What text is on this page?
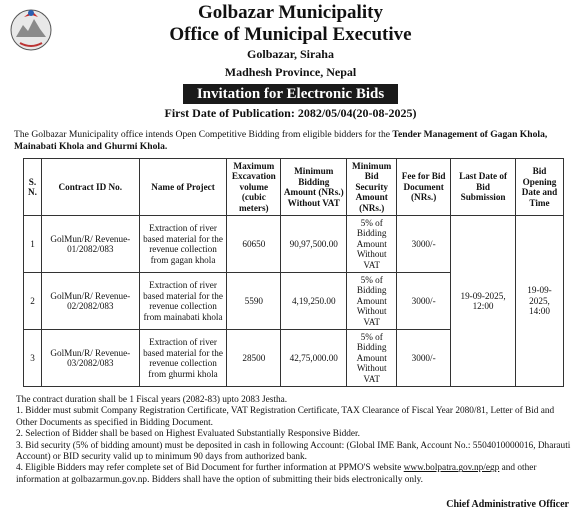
Golbazar Municipality
Office of Municipal Executive
Golbazar, Siraha
Madhesh Province, Nepal
Invitation for Electronic Bids
First Date of Publication: 2082/05/04(20-08-2025)
The Golbazar Municipality office intends Open Competitive Bidding from eligible bidders for the Tender Management of Gagan Khola, Mainabati Khola and Ghurmi Khola.
S. N.	Contract ID No.	Name of Project	Maximum Excavation volume (cubic meters)	Minimum Bidding Amount (NRs.) Without VAT	Minimum Bid Security Amount (NRs.)	Fee for Bid Document (NRs.)	Last Date of Bid Submission	Bid Opening Date and Time
1	GolMun/R/ Revenue-01/2082/083	Extraction of river based material for the revenue collection from gagan khola	60650	90,97,500.00	5% of Bidding Amount Without VAT	3000/-	19-09-2025, 12:00	19-09-2025, 14:00
2	GolMun/R/ Revenue-02/2082/083	Extraction of river based material for the revenue collection from mainabati khola	5590	4,19,250.00	5% of Bidding Amount Without VAT	3000/-		
3	GolMun/R/ Revenue-03/2082/083	Extraction of river based material for the revenue collection from ghurmi khola	28500	42,75,000.00	5% of Bidding Amount Without VAT	3000/-		

The contract duration shall be 1 Fiscal years (2082-83) upto 2083 Jestha.

1. Bidder must submit Company Registration Certificate, VAT Registration Certificate, TAX Clearance of Fiscal Year 2080/81, Letter of Bid and Other Documents as specified in Bidding Document.

2. Selection of Bidder shall be based on Highest Evaluated Substantially Responsive Bidder.

3. Bid security (5% of bidding amount) must be deposited in cash in following Account: (Global IME Bank, Account No.: 5504010000016, Dharauti Account) or BID security valid up to minimum 90 days from authorized bank.

4. Eligible Bidders may refer complete set of Bid Document for further information at PPMO'S website www.bolpatra.gov.np/egp and other information at golbazarmun.gov.np. Bidders shall have the option of submitting their bids electronically only.

Chief Administrative Officer
